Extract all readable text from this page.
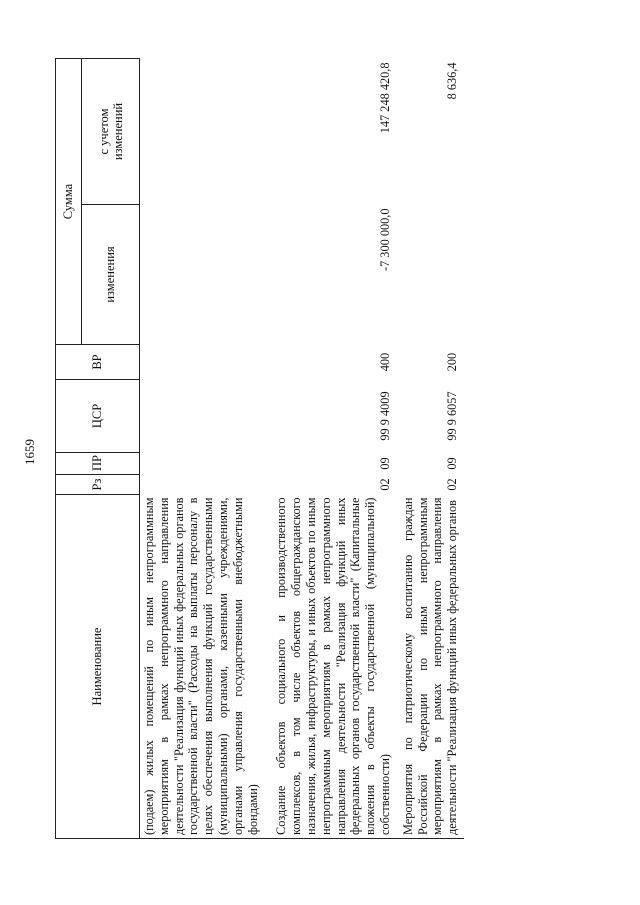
1659
Наименование	Рз	ПР	ЦСР	ВР	Сумма	
					изменения	с учетом изменений

(подаем) жилых помещений по иным непрограммным мероприятиям в рамках непрограммного направления деятельности "Реализация функций иных федеральных органов государственной власти" (Расходы на выплаты персоналу в целях обеспечения выполнения функций государственными (муниципальными) органами, казенными учреждениями, органами управления государственными внебюджетными фондами)						
Создание объектов социального и производственного комплексов, в том числе объектов общегражданского назначения, жилья, инфраструктуры, и иных объектов по иным непрограммным мероприятиям в рамках непрограммного направления деятельности "Реализация функций иных федеральных органов государственной власти" (Капитальные вложения в объекты государственной (муниципальной) собственности)	02	09	99 9 4009	400	-7 300 000,0	147 248 420,8
Мероприятия по патриотическому воспитанию граждан Российской Федерации по иным непрограммным мероприятиям в рамках непрограммного направления деятельности "Реализация функций иных федеральных органов	02	09	99 9 6057	200		8 636,4
